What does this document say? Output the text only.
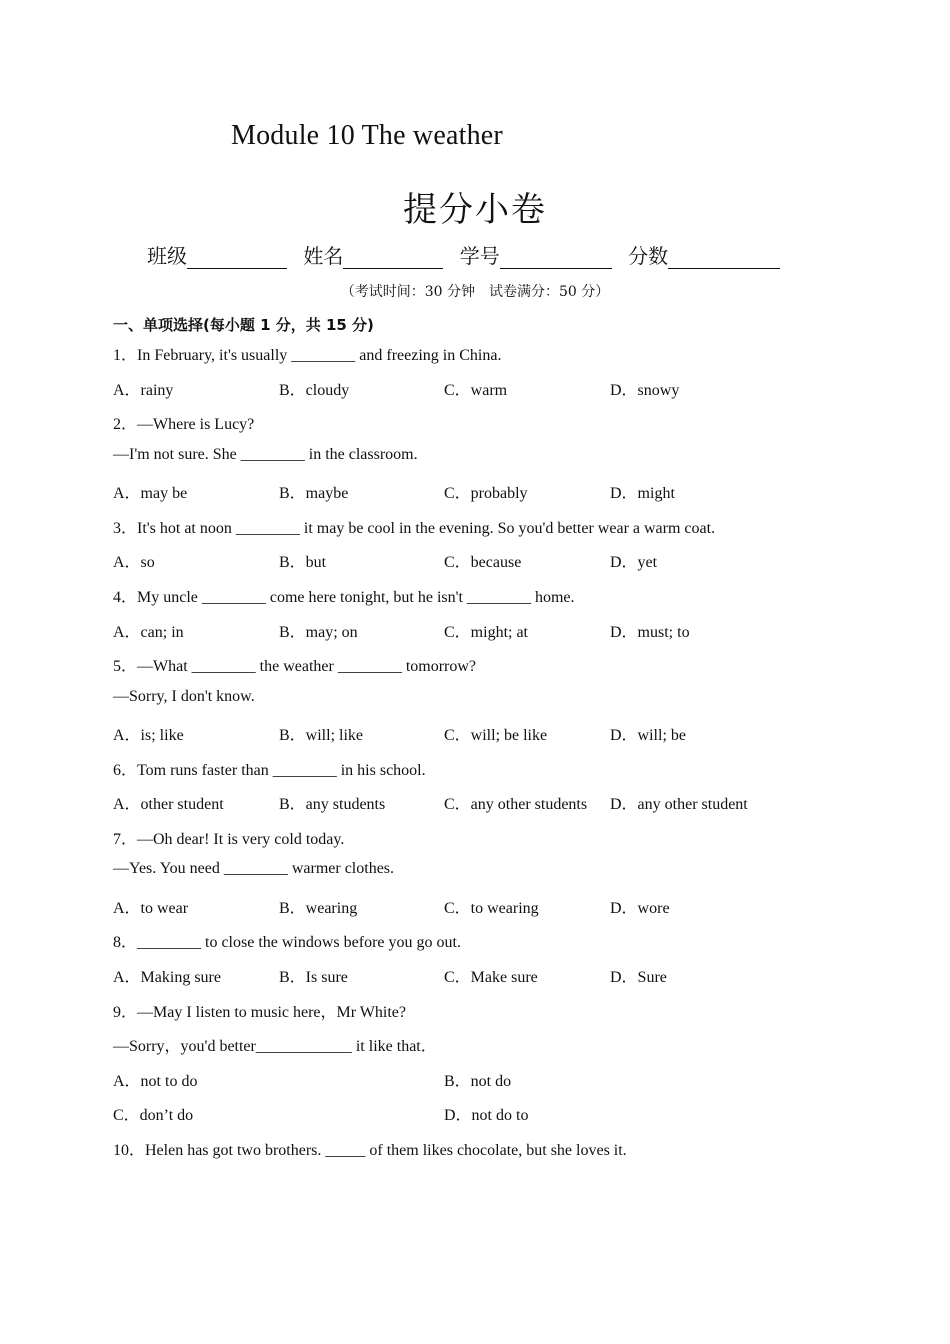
Module 10 The weather
提分小卷
班级	姓名	学号	分数
（考试时间：30 分钟　试卷满分：50 分）
一、单项选择(每小题 1 分，共 15 分)
1．In February, it's usually ________ and freezing in China.
A．rainy	B．cloudy	C．warm	D．snowy
2．—Where is Lucy?
—I'm not sure. She ________ in the classroom.
A．may be	B．maybe	C．probably	D．might
3．It's hot at noon ________ it may be cool in the evening. So you'd better wear a warm coat.
A．so	B．but	C．because	D．yet
4．My uncle ________ come here tonight, but he isn't ________ home.
A．can; in	B．may; on	C．might; at	D．must; to
5．—What ________ the weather ________ tomorrow?
—Sorry, I don't know.
A．is; like	B．will; like	C．will; be like	D．will; be
6．Tom runs faster than ________ in his school.
A．other student	B．any students	C．any other students D．any other student
7．—Oh dear! It is very cold today.
—Yes. You need ________ warmer clothes.
A．to wear	B．wearing	C．to wearing	D．wore
8．________ to close the windows before you go out.
A．Making sure	B．Is sure	C．Make sure	D．Sure
9．—May I listen to music here，Mr White?
—Sorry，you'd better____________ it like that．
A．not to do	B．not do
C．don’t do	D．not do to
10．Helen has got two brothers. _____ of them likes chocolate, but she loves it.
